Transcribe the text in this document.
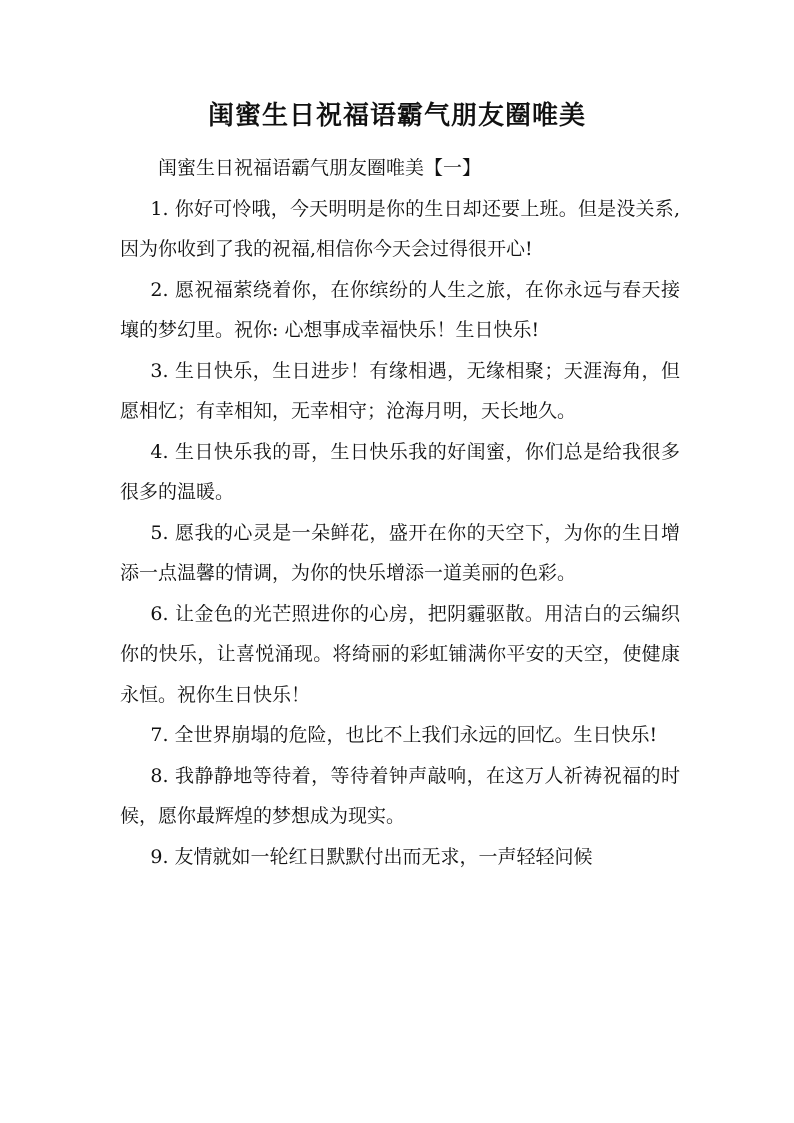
闺蜜生日祝福语霸气朋友圈唯美

闺蜜生日祝福语霸气朋友圈唯美【一】

1. 你好可怜哦，今天明明是你的生日却还要上班。但是没关系,因为你收到了我的祝福,相信你今天会过得很开心!

2. 愿祝福萦绕着你，在你缤纷的人生之旅，在你永远与春天接壤的梦幻里。祝你: 心想事成幸福快乐！生日快乐!

3. 生日快乐，生日进步！有缘相遇，无缘相聚；天涯海角，但愿相忆；有幸相知，无幸相守；沧海月明，天长地久。

4. 生日快乐我的哥，生日快乐我的好闺蜜，你们总是给我很多很多的温暖。

5. 愿我的心灵是一朵鲜花，盛开在你的天空下，为你的生日增添一点温馨的情调，为你的快乐增添一道美丽的色彩。

6. 让金色的光芒照进你的心房，把阴霾驱散。用洁白的云编织你的快乐，让喜悦涌现。将绮丽的彩虹铺满你平安的天空，使健康永恒。祝你生日快乐！

7. 全世界崩塌的危险，也比不上我们永远的回忆。生日快乐!

8. 我静静地等待着，等待着钟声敲响，在这万人祈祷祝福的时候，愿你最辉煌的梦想成为现实。

9. 友情就如一轮红日默默付出而无求，一声轻轻问候
